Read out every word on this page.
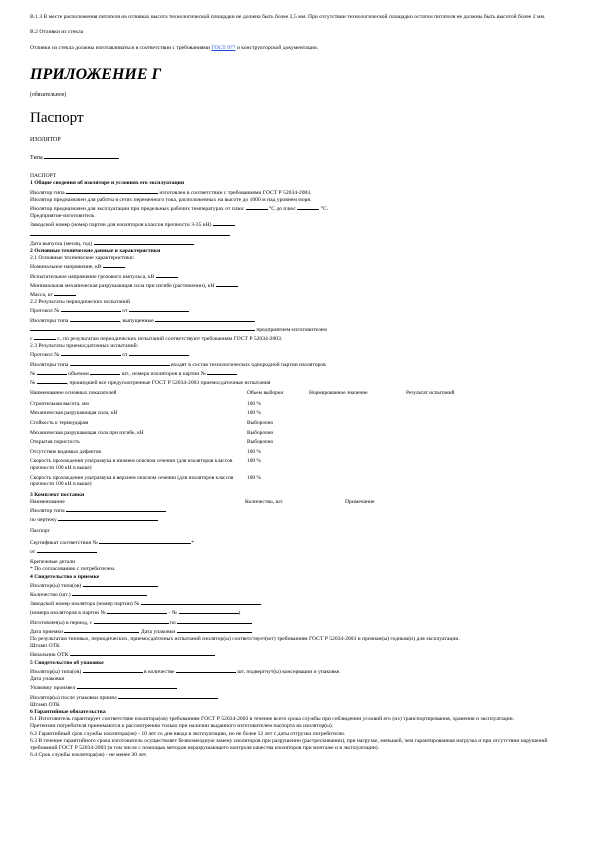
В.1.3 В месте расположения питателя на отливках высота технологической площадки не должна быть более 2,5 мм. При отсутствии технологической площадки остатки питателя не должны быть высотой более 2 мм.

В.2 Отливки из стекла

Отливки из стекла должны изготавливаться в соответствии с требованиями ГОСТ 977 и конструкторской документации.

ПРИЛОЖЕНИЕ Г

(обязательное)

Паспорт

ИЗОЛЯТОР

Типа

ПАСПОРТ

1 Общие сведения об изоляторе и условиях его эксплуатации

Изолятор типа	изготовлен в соответствии с требованиями ГОСТ Р 52034-2003.

Изолятор предназначен для работы в сетях переменного тока, расположенных на высоте до 1000 м над уровнем моря.

Изолятор предназначен для эксплуатации при предельных рабочих температурах от плюс	°С до плюс	°С.

Предприятие-изготовитель

Заводской номер (номер партии для изоляторов классов прочности 3-35 кН)

Дата выпуска (месяц, год)

2 Основные технические данные и характеристики

2.1 Основные технические характеристики:

Номинальное напряжение, кВ

Испытательное напряжение грозового импульса, кВ

Минимальная механическая разрушающая сила при изгибе (растяжении), кН

Масса, кг

2.2 Результаты периодических испытаний

Протокол №	от

Изоляторы типа	, выпущенные

предприятием-изготовителем

с	г., по результатам периодических испытаний соответствуют требованиям ГОСТ Р 52034-2003.

2.3 Результаты приемосдаточных испытаний:

Протокол №	от

Изоляторы типа	входят в состав технологических однородной партии изоляторов

№	объемом	шт., номера изоляторов в партии №

№	, прошедшей все предусмотренные ГОСТ Р 52034-2003 приемосдаточные испытания

Наименование основных показателей	Объем выборки	Нормированное значение	Результат испытаний
Строительная высота, мм	100 %		
Механическая разрушающая сила, кН	100 %		
Стойкость к термоударам	Выборочно		
Механическая разрушающая сила при изгибе, кН	Выборочно		
Открытая пористость	Выборочно		
Отсутствие видимых дефектов	100 %		
Скорость прохождения ультразвука в нижнем опасном сечении (для изоляторов классов прочности 100 кН и выше)	100 %		
Скорость прохождения ультразвука в верхнем опасном сечении (для изоляторов классов прочности 100 кН и выше)	100 %		

3 Комплект поставки

Наименование	Количество, шт.	Примечание

Изолятор типа

по чертежу

Паспорт

Сертификат соответствия №	*

от

Крепежные детали

* По согласованию с потребителем.

4 Свидетельство о приемке

Изолятор(ы) типа(ов)

Количество (шт.)

Заводской номер изолятора (номер партии) №

(номера изоляторов в партии №	- №	)

Изготовлен(ы) в период, с	по

Дата приемки	Дата упаковки

По результатам типовых, периодических, приемосдаточных испытаний изолятор(ы) соответствует(ют) требованиям ГОСТ Р 52034-2003 и признан(ы) годным(и) для эксплуатации.

Штамп ОТК

Начальник ОТК

5 Свидетельство об упаковке

Изолятор(ы) типа(ов)	в количестве	шт. подвергнут(ы) консервации и упаковке.

Дата упаковки

Упаковку произвел

Изолятор(ы) после упаковки принял

Штамп ОТК

6 Гарантийные обязательства

6.1 Изготовитель гарантирует соответствие изолятора(ов) требованиям ГОСТ Р 52034-2003 в течение всего срока службы при соблюдении условий его (их) транспортирования, хранения и эксплуатации.

Претензии потребителя принимаются к рассмотрению только при наличии выданного изготовителем паспорта на изолятор(ы).

6.2 Гарантийный срок службы изолятора(ов) - 10 лет со дня ввода в эксплуатацию, но не более 12 лет с даты отгрузки потребителю.

6.3 В течение гарантийного срока изготовитель осуществляет безвозмездную замену изоляторов при разрушении (растрескивании), при нагрузке, меньшей, чем гарантированная нагрузка и при отсутствии нарушений требований ГОСТ Р 52034-2003 (в том числе с помощью методов неразрушающего контроля качества изоляторов при монтаже и в эксплуатации).

6.4 Срок службы изолятора(ов) - не менее 30 лет.
